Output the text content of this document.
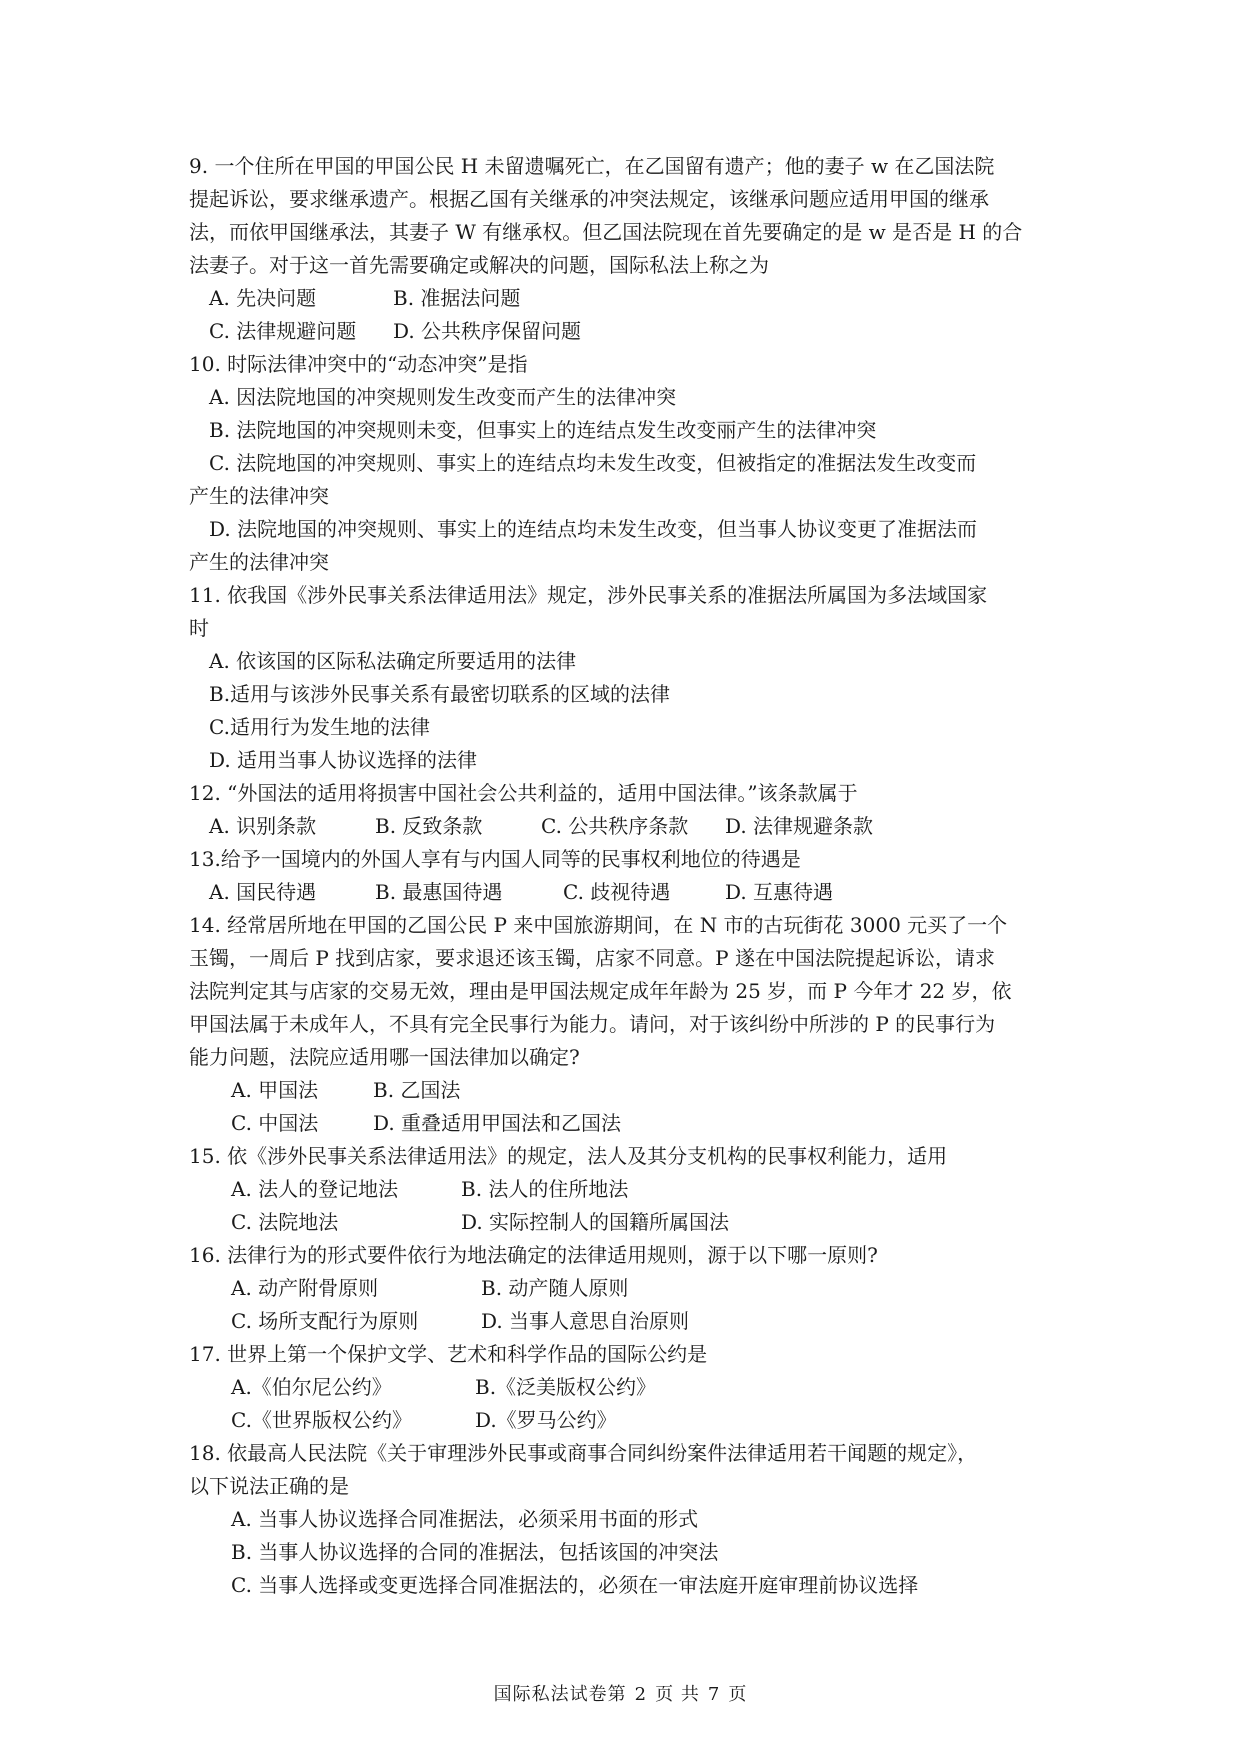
9. 一个住所在甲国的甲国公民 H 未留遗嘱死亡，在乙国留有遗产；他的妻子 w 在乙国法院
提起诉讼，要求继承遗产。根据乙国有关继承的冲突法规定，该继承问题应适用甲国的继承
法，而依甲国继承法，其妻子 W 有继承权。但乙国法院现在首先要确定的是 w 是否是 H 的合
法妻子。对于这一首先需要确定或解决的问题，国际私法上称之为
A. 先决问题	B. 准据法问题
C. 法律规避问题 D. 公共秩序保留问题
10. 时际法律冲突中的“动态冲突”是指
A. 因法院地国的冲突规则发生改变而产生的法律冲突
B. 法院地国的冲突规则未变，但事实上的连结点发生改变丽产生的法律冲突
C. 法院地国的冲突规则、事实上的连结点均未发生改变，但被指定的准据法发生改变而
产生的法律冲突
D. 法院地国的冲突规则、事实上的连结点均未发生改变，但当事人协议变更了准据法而
产生的法律冲突
11. 依我国《涉外民事关系法律适用法》规定，涉外民事关系的准据法所属国为多法域国家
时
A. 依该国的区际私法确定所要适用的法律
B.适用与该涉外民事关系有最密切联系的区域的法律
C.适用行为发生地的法律
D. 适用当事人协议选择的法律
12. “外国法的适用将损害中国社会公共利益的，适用中国法律。”该条款属于
A. 识别条款	B. 反致条款	C. 公共秩序条款 D. 法律规避条款
13.给予一国境内的外国人享有与内国人同等的民事权利地位的待遇是
A. 国民待遇	B. 最惠国待遇	C. 歧视待遇	D. 互惠待遇
14. 经常居所地在甲国的乙国公民 P 来中国旅游期间，在 N 市的古玩街花 3000 元买了一个
玉镯，一周后 P 找到店家，要求退还该玉镯，店家不同意。P 遂在中国法院提起诉讼，请求
法院判定其与店家的交易无效，理由是甲国法规定成年年龄为 25 岁，而 P 今年才 22 岁，依
甲国法属于未成年人，不具有完全民事行为能力。请问，对于该纠纷中所涉的 P 的民事行为
能力问题，法院应适用哪一国法律加以确定?
A. 甲国法	B. 乙国法
C. 中国法	D. 重叠适用甲国法和乙国法
15. 依《涉外民事关系法律适用法》的规定，法人及其分支机构的民事权利能力，适用
A. 法人的登记地法	B. 法人的住所地法
C. 法院地法	D. 实际控制人的国籍所属国法
16. 法律行为的形式要件依行为地法确定的法律适用规则，源于以下哪一原则?
A. 动产附骨原则	B. 动产随人原则
C. 场所支配行为原则	D. 当事人意思自治原则
17. 世界上第一个保护文学、艺术和科学作品的国际公约是
A.《伯尔尼公约》	B.《泛美版权公约》
C.《世界版权公约》	D.《罗马公约》
18. 依最高人民法院《关于审理涉外民事或商事合同纠纷案件法律适用若干闻题的规定》，
以下说法正确的是
A. 当事人协议选择合同准据法，必须采用书面的形式
B. 当事人协议选择的合同的准据法，包括该国的冲突法
C. 当事人选择或变更选择合同准据法的，必须在一审法庭开庭审理前协议选择
国际私法试卷第 2 页 共 7 页
